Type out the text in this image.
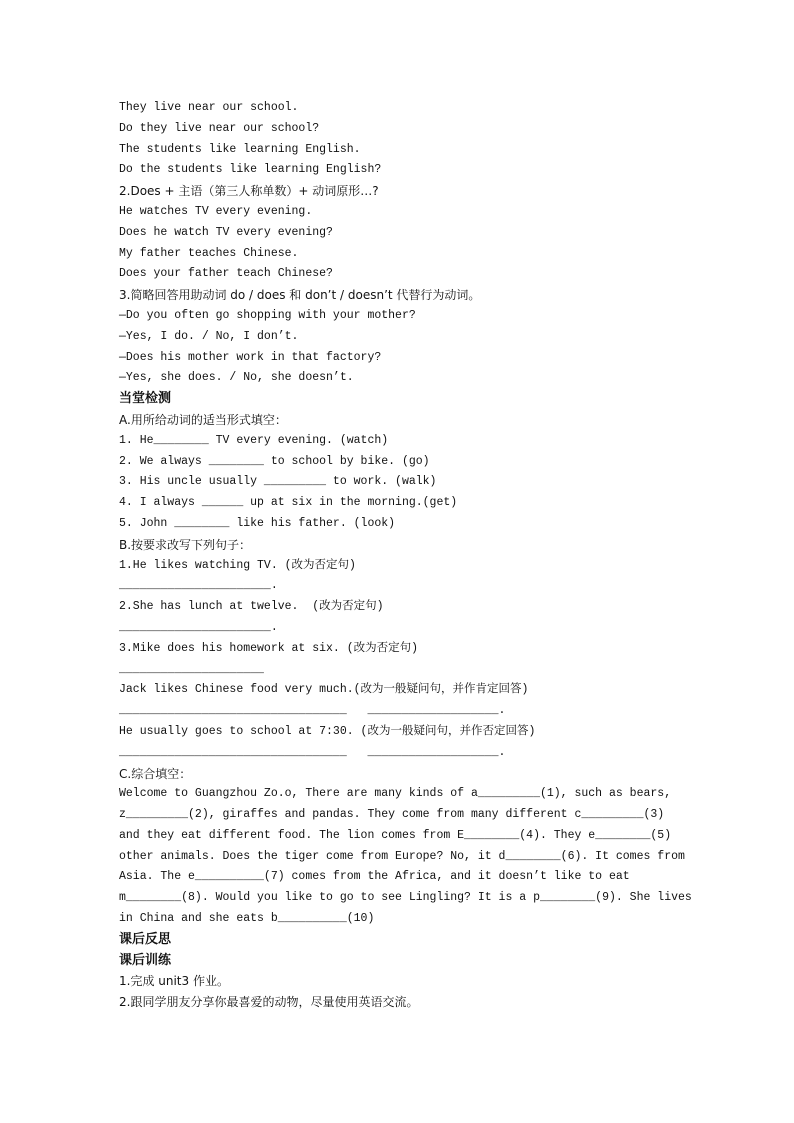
They live near our school.
Do they live near our school?
The students like learning English.
Do the students like learning English?
2.Does + 主语（第三人称单数）+ 动词原形…?
He watches TV every evening.
Does he watch TV every evening?
My father teaches Chinese.
Does your father teach Chinese?
3.简略回答用助动词 do / does 和 don’t / doesn’t 代替行为动词。
—Do you often go shopping with your mother?
—Yes, I do. / No, I don’t.
—Does his mother work in that factory?
—Yes, she does. / No, she doesn’t.
当堂检测
A.用所给动词的适当形式填空：
1. He________ TV every evening. (watch)
2. We always ________ to school by bike. (go)
3. His uncle usually _________ to work. (walk)
4. I always ______ up at six in the morning.(get)
5. John ________ like his father. (look)
B.按要求改写下列句子：
1.He likes watching TV. (改为否定句)
______________________.
2.She has lunch at twelve.  (改为否定句)
______________________.
3.Mike does his homework at six. (改为否定句)
_____________________
Jack likes Chinese food very much.(改为一般疑问句，并作肯定回答)
_________________________________   ___________________.
He usually goes to school at 7:30. (改为一般疑问句，并作否定回答)
_________________________________   ___________________.
C.综合填空：
Welcome to Guangzhou Zo.o, There are many kinds of a_________(1), such as bears,
z_________(2), giraffes and pandas. They come from many different c_________(3)
and they eat different food. The lion comes from E________(4). They e________(5)
other animals. Does the tiger come from Europe? No, it d________(6). It comes from
Asia. The e__________(7) comes from the Africa, and it doesn’t like to eat
m________(8). Would you like to go to see Lingling? It is a p________(9). She lives
in China and she eats b__________(10)
课后反思
课后训练
1.完成 unit3 作业。
2.跟同学朋友分享你最喜爱的动物，尽量使用英语交流。
